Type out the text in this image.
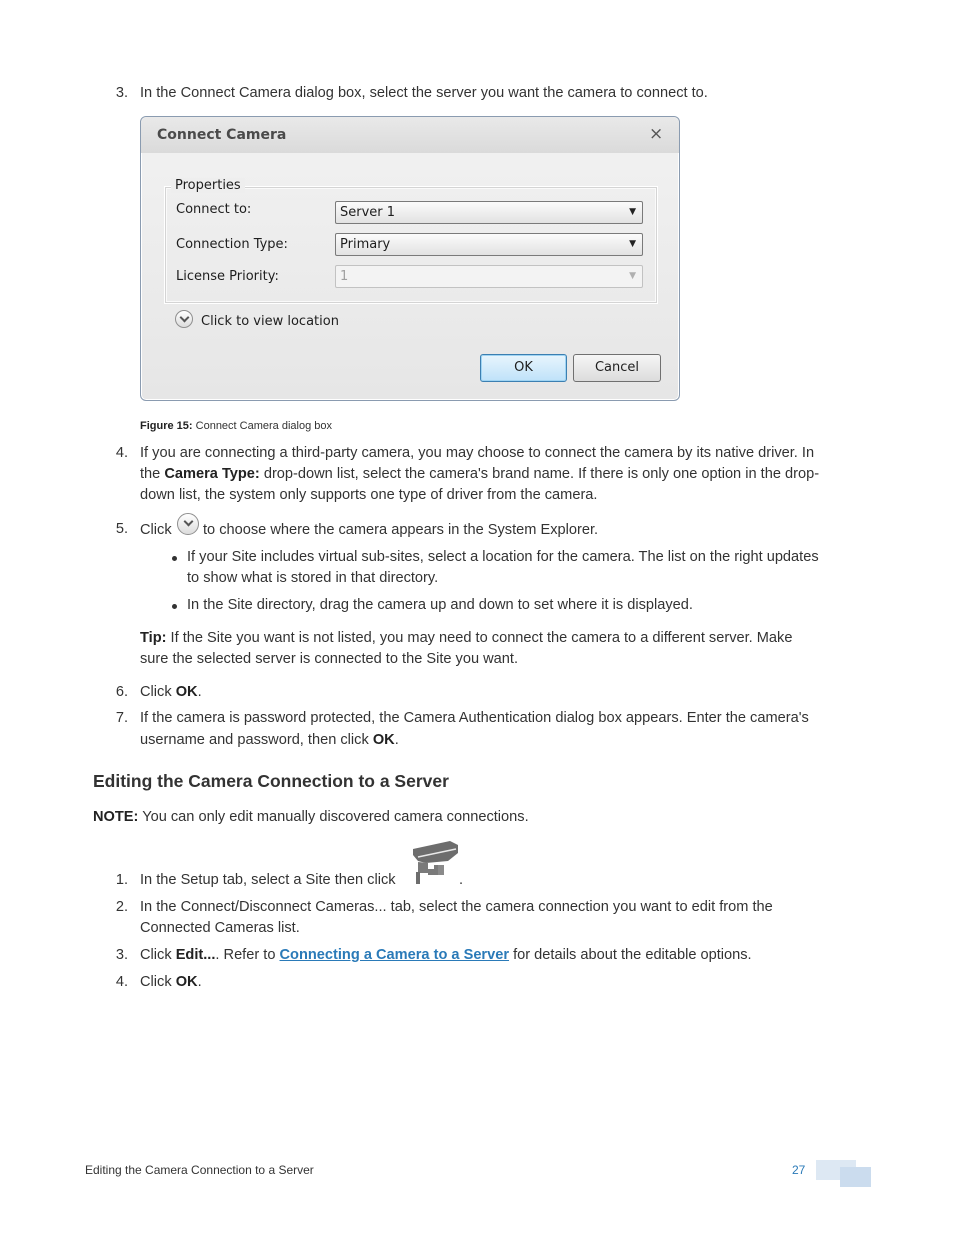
3. In the Connect Camera dialog box, select the server you want the camera to connect to.
Connect Camera	×
Properties
Connect to:	Server 1	▼
Connection Type:	Primary	▼
License Priority:	1	▼
Click to view location
OK	Cancel
Figure 15: Connect Camera dialog box
4. If you are connecting a third-party camera, you may choose to connect the camera by its native driver. In
the Camera Type: drop-down list, select the camera's brand name. If there is only one option in the drop-
down list, the system only supports one type of driver from the camera.
5. Click to choose where the camera appears in the System Explorer.
If your Site includes virtual sub-sites, select a location for the camera. The list on the right updates
to show what is stored in that directory.
In the Site directory, drag the camera up and down to set where it is displayed.
Tip: If the Site you want is not listed, you may need to connect the camera to a different server. Make
sure the selected server is connected to the Site you want.
6. Click OK.
7. If the camera is password protected, the Camera Authentication dialog box appears. Enter the camera's
username and password, then click OK.
Editing the Camera Connection to a Server
NOTE: You can only edit manually discovered camera connections.
1. In the Setup tab, select a Site then click	.
2. In the Connect/Disconnect Cameras... tab, select the camera connection you want to edit from the
Connected Cameras list.
3. Click Edit.... Refer to Connecting a Camera to a Server for details about the editable options.
4. Click OK.
Editing the Camera Connection to a Server	27
